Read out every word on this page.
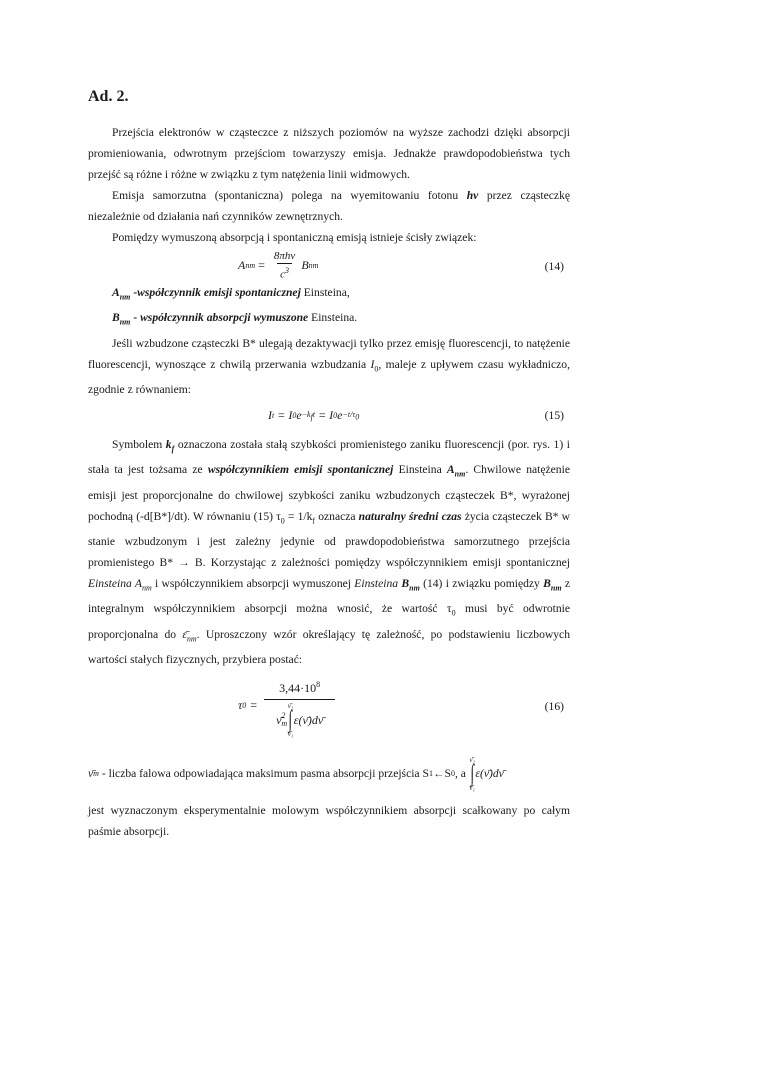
Ad. 2.

Przejścia elektronów w cząsteczce z niższych poziomów na wyższe zachodzi dzięki absorpcji promieniowania, odwrotnym przejściom towarzyszy emisja. Jednakże prawdopodobieństwa tych przejść są różne i różne w związku z tym natężenia linii widmowych.

Emisja samorzutna (spontaniczna) polega na wyemitowaniu fotonu hν przez cząsteczkę niezależnie od działania nań czynników zewnętrznych.

Pomiędzy wymuszoną absorpcją i spontaniczną emisją istnieje ścisły związek:

A nm = $\frac{\text{8πhν}}{c^3}$ B nm	(14)

$A_{nm}$ -współczynnik emisji spontanicznej Einsteina,

$B_{nm}$ - współczynnik absorpcji wymuszone Einsteina.

Jeśli wzbudzone cząsteczki B* ulegają dezaktywacji tylko przez emisję fluorescencji, to natężenie fluorescencji, wynoszące z chwilą przerwania wzbudzania $I_0$, maleje z upływem czasu wykładniczo, zgodnie z równaniem:

I t = I 0 $e -k_ft = I$ 0 $e -t/\tau_0$	(15)

Symbolem $k_f$ oznaczona została stałą szybkości promienistego zaniku fluorescencji (por. rys. 1) i stała ta jest tożsama ze współczynnikiem emisji spontanicznej Einsteina $A_{nm}$. Chwilowe natężenie emisji jest proporcjonalne do chwilowej szybkości zaniku wzbudzonych cząsteczek B*, wyrażonej pochodną (-d[B*]/dt). W równaniu (15) $\tau_0 = 1/k_f$ oznacza naturalny średni czas życia cząsteczek B* w stanie wzbudzonym i jest zależny jedynie od prawdopodobieństwa samorzutnego przejścia promienistego B* → B. Korzystając z zależności pomiędzy współczynnikiem emisji spontanicznej Einsteina $A_{nm}$ i współczynnikiem absorpcji wymuszonej Einsteina $B_{nm}$ (14) i związku pomiędzy $B_{nm}$ z integralnym współczynnikiem absorpcji można wnosić, że wartość $\tau_0$ musi być odwrotnie proporcjonalna do $\varepsilon̄_{nm}$. Uproszczony wzór określający tę zależność, po podstawieniu liczbowych wartości stałych fizycznych, przybiera postać:

τ 0 =
$3,44\cdot 10^8$
ν̄ 2
m
ν̄₂
∫
ν̄₁
ε(ν̄)dν̄
(16)

ν̄ m
- liczba falowa odpowiadająca maksimum pasma absorpcji przejścia S 1 ←S 0 , a

ν̄₂
∫
ν̄₁
ε(ν̄)dν̄

jest wyznaczonym eksperymentalnie molowym współczynnikiem absorpcji scałkowany po całym paśmie absorpcji.
